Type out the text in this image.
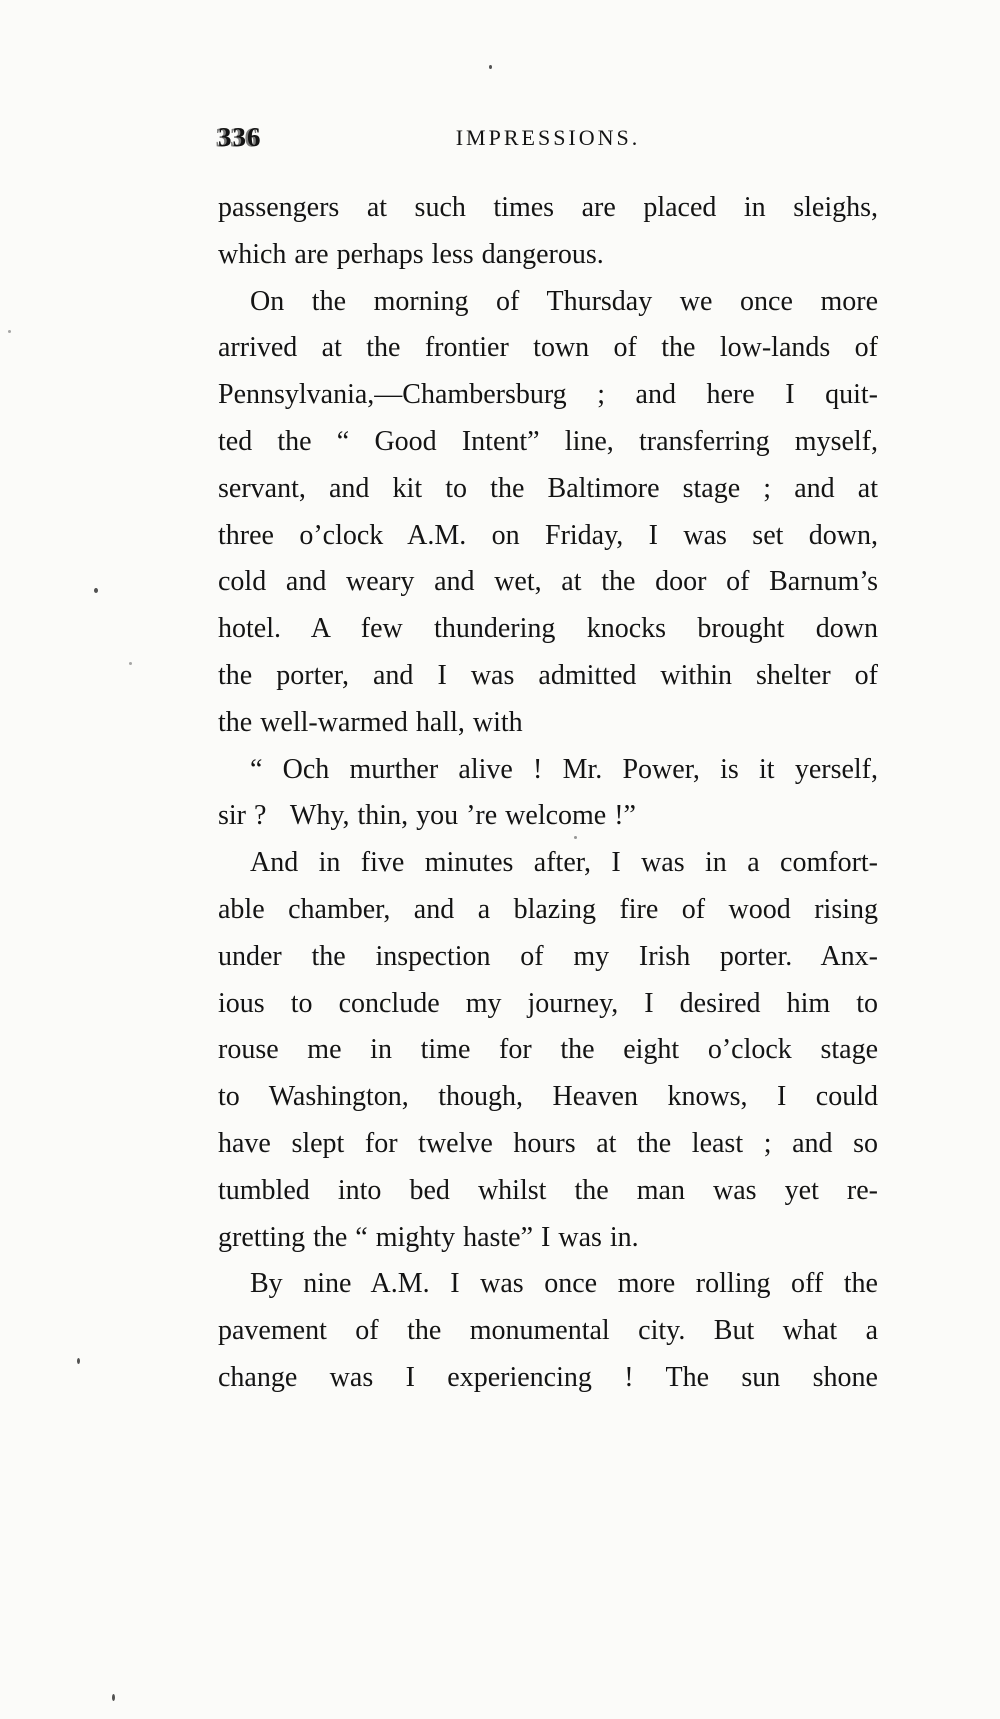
336	IMPRESSIONS.
passengers at such times are placed in sleighs,
which are perhaps less dangerous.
On the morning of Thursday we once more
arrived at the frontier town of the low-lands of
Pennsylvania,—Chambersburg ; and here I quit-
ted the “ Good Intent” line, transferring myself,
servant, and kit to the Baltimore stage ; and at
three o’clock A.M. on Friday, I was set down,
cold and weary and wet, at the door of Barnum’s
hotel. A few thundering knocks brought down
the porter, and I was admitted within shelter of
the well-warmed hall, with
“ Och murther alive ! Mr. Power, is it yerself,
sir ?   Why, thin, you ’re welcome !”
And in five minutes after, I was in a comfort-
able chamber, and a blazing fire of wood rising
under the inspection of my Irish porter. Anx-
ious to conclude my journey, I desired him to
rouse me in time for the eight o’clock stage
to Washington, though, Heaven knows, I could
have slept for twelve hours at the least ; and so
tumbled into bed whilst the man was yet re-
gretting the “ mighty haste” I was in.
By nine A.M. I was once more rolling off the
pavement of the monumental city. But what a
change was I experiencing ! The sun shone
